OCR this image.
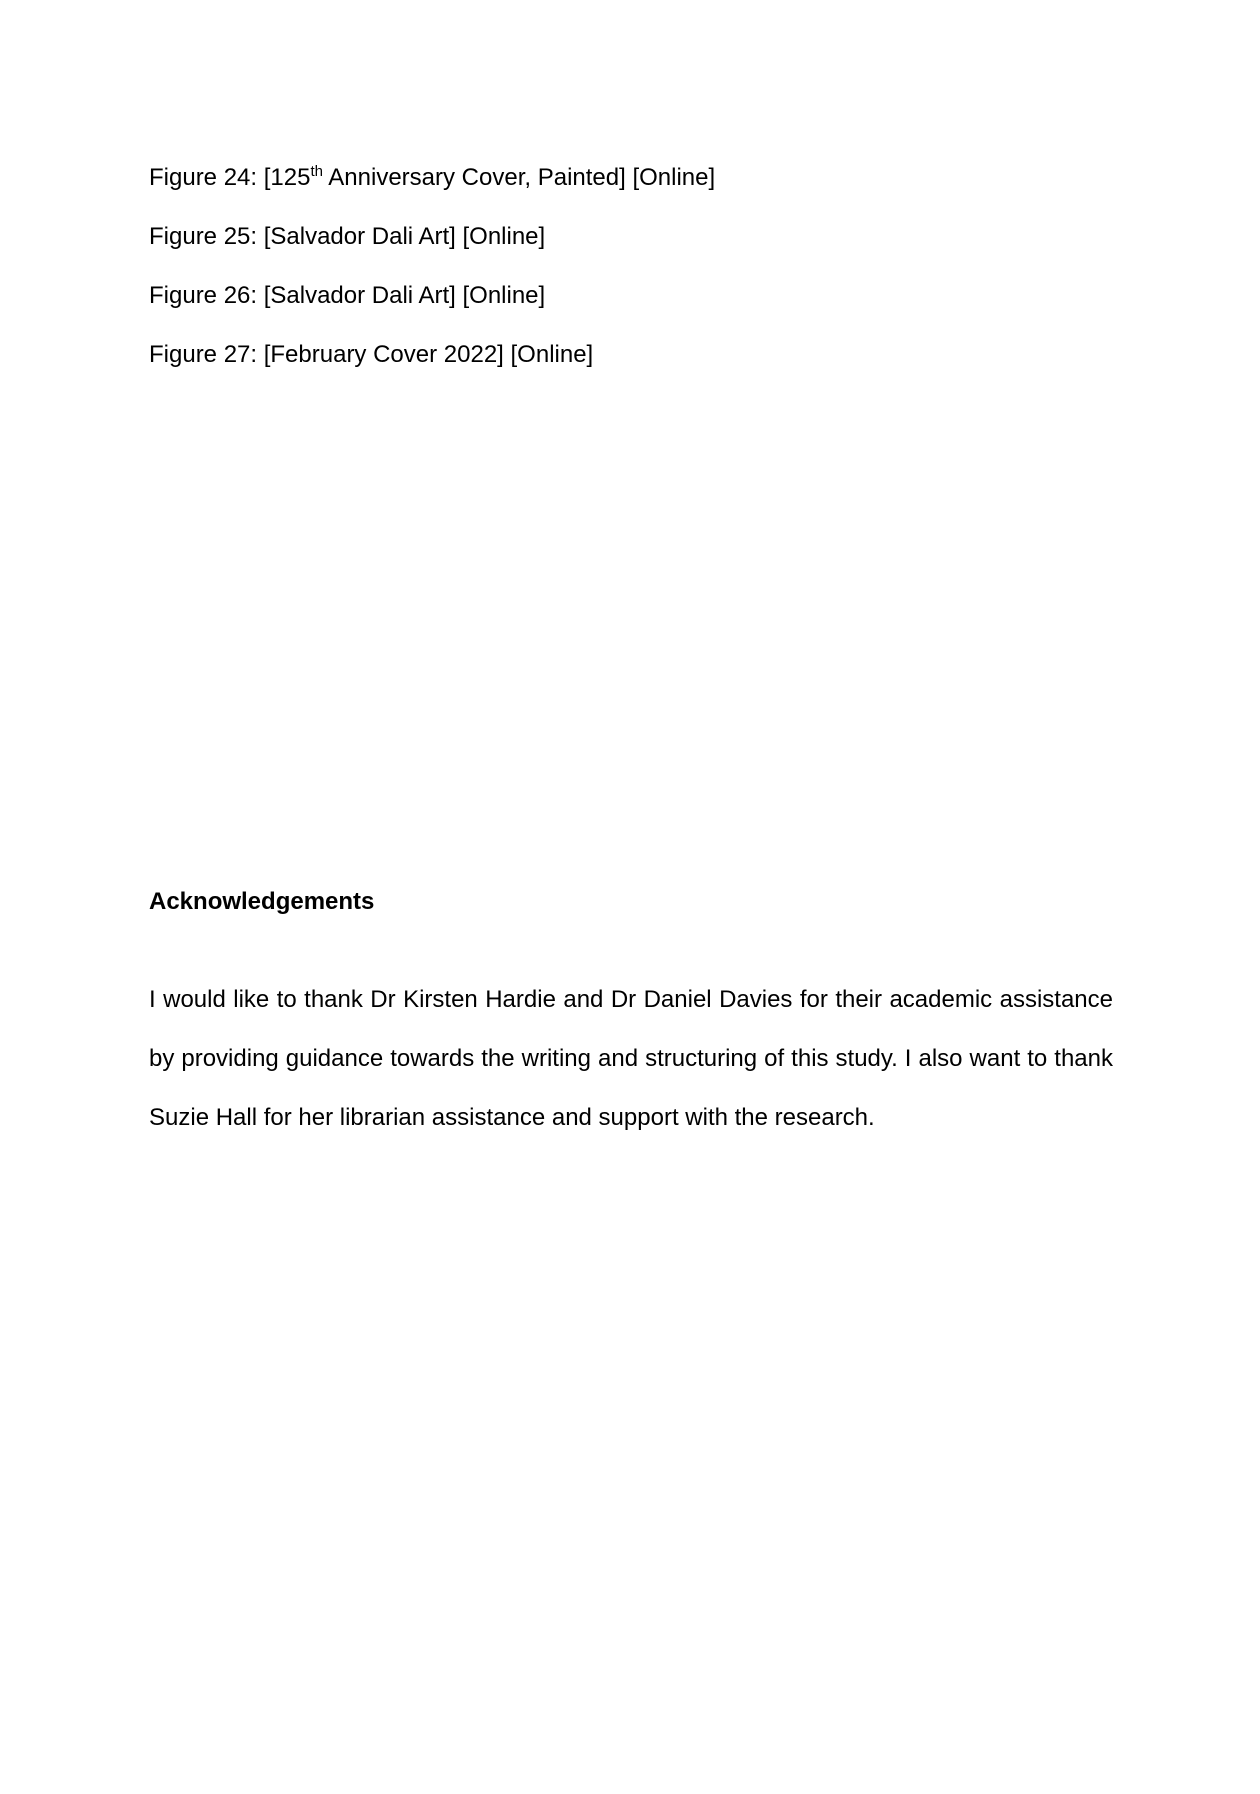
Figure 24: [125th Anniversary Cover, Painted] [Online]
Figure 25: [Salvador Dali Art] [Online]
Figure 26: [Salvador Dali Art] [Online]
Figure 27: [February Cover 2022] [Online]
Acknowledgements

I would like to thank Dr Kirsten Hardie and Dr Daniel Davies for their academic assistance by providing guidance towards the writing and structuring of this study. I also want to thank Suzie Hall for her librarian assistance and support with the research.
